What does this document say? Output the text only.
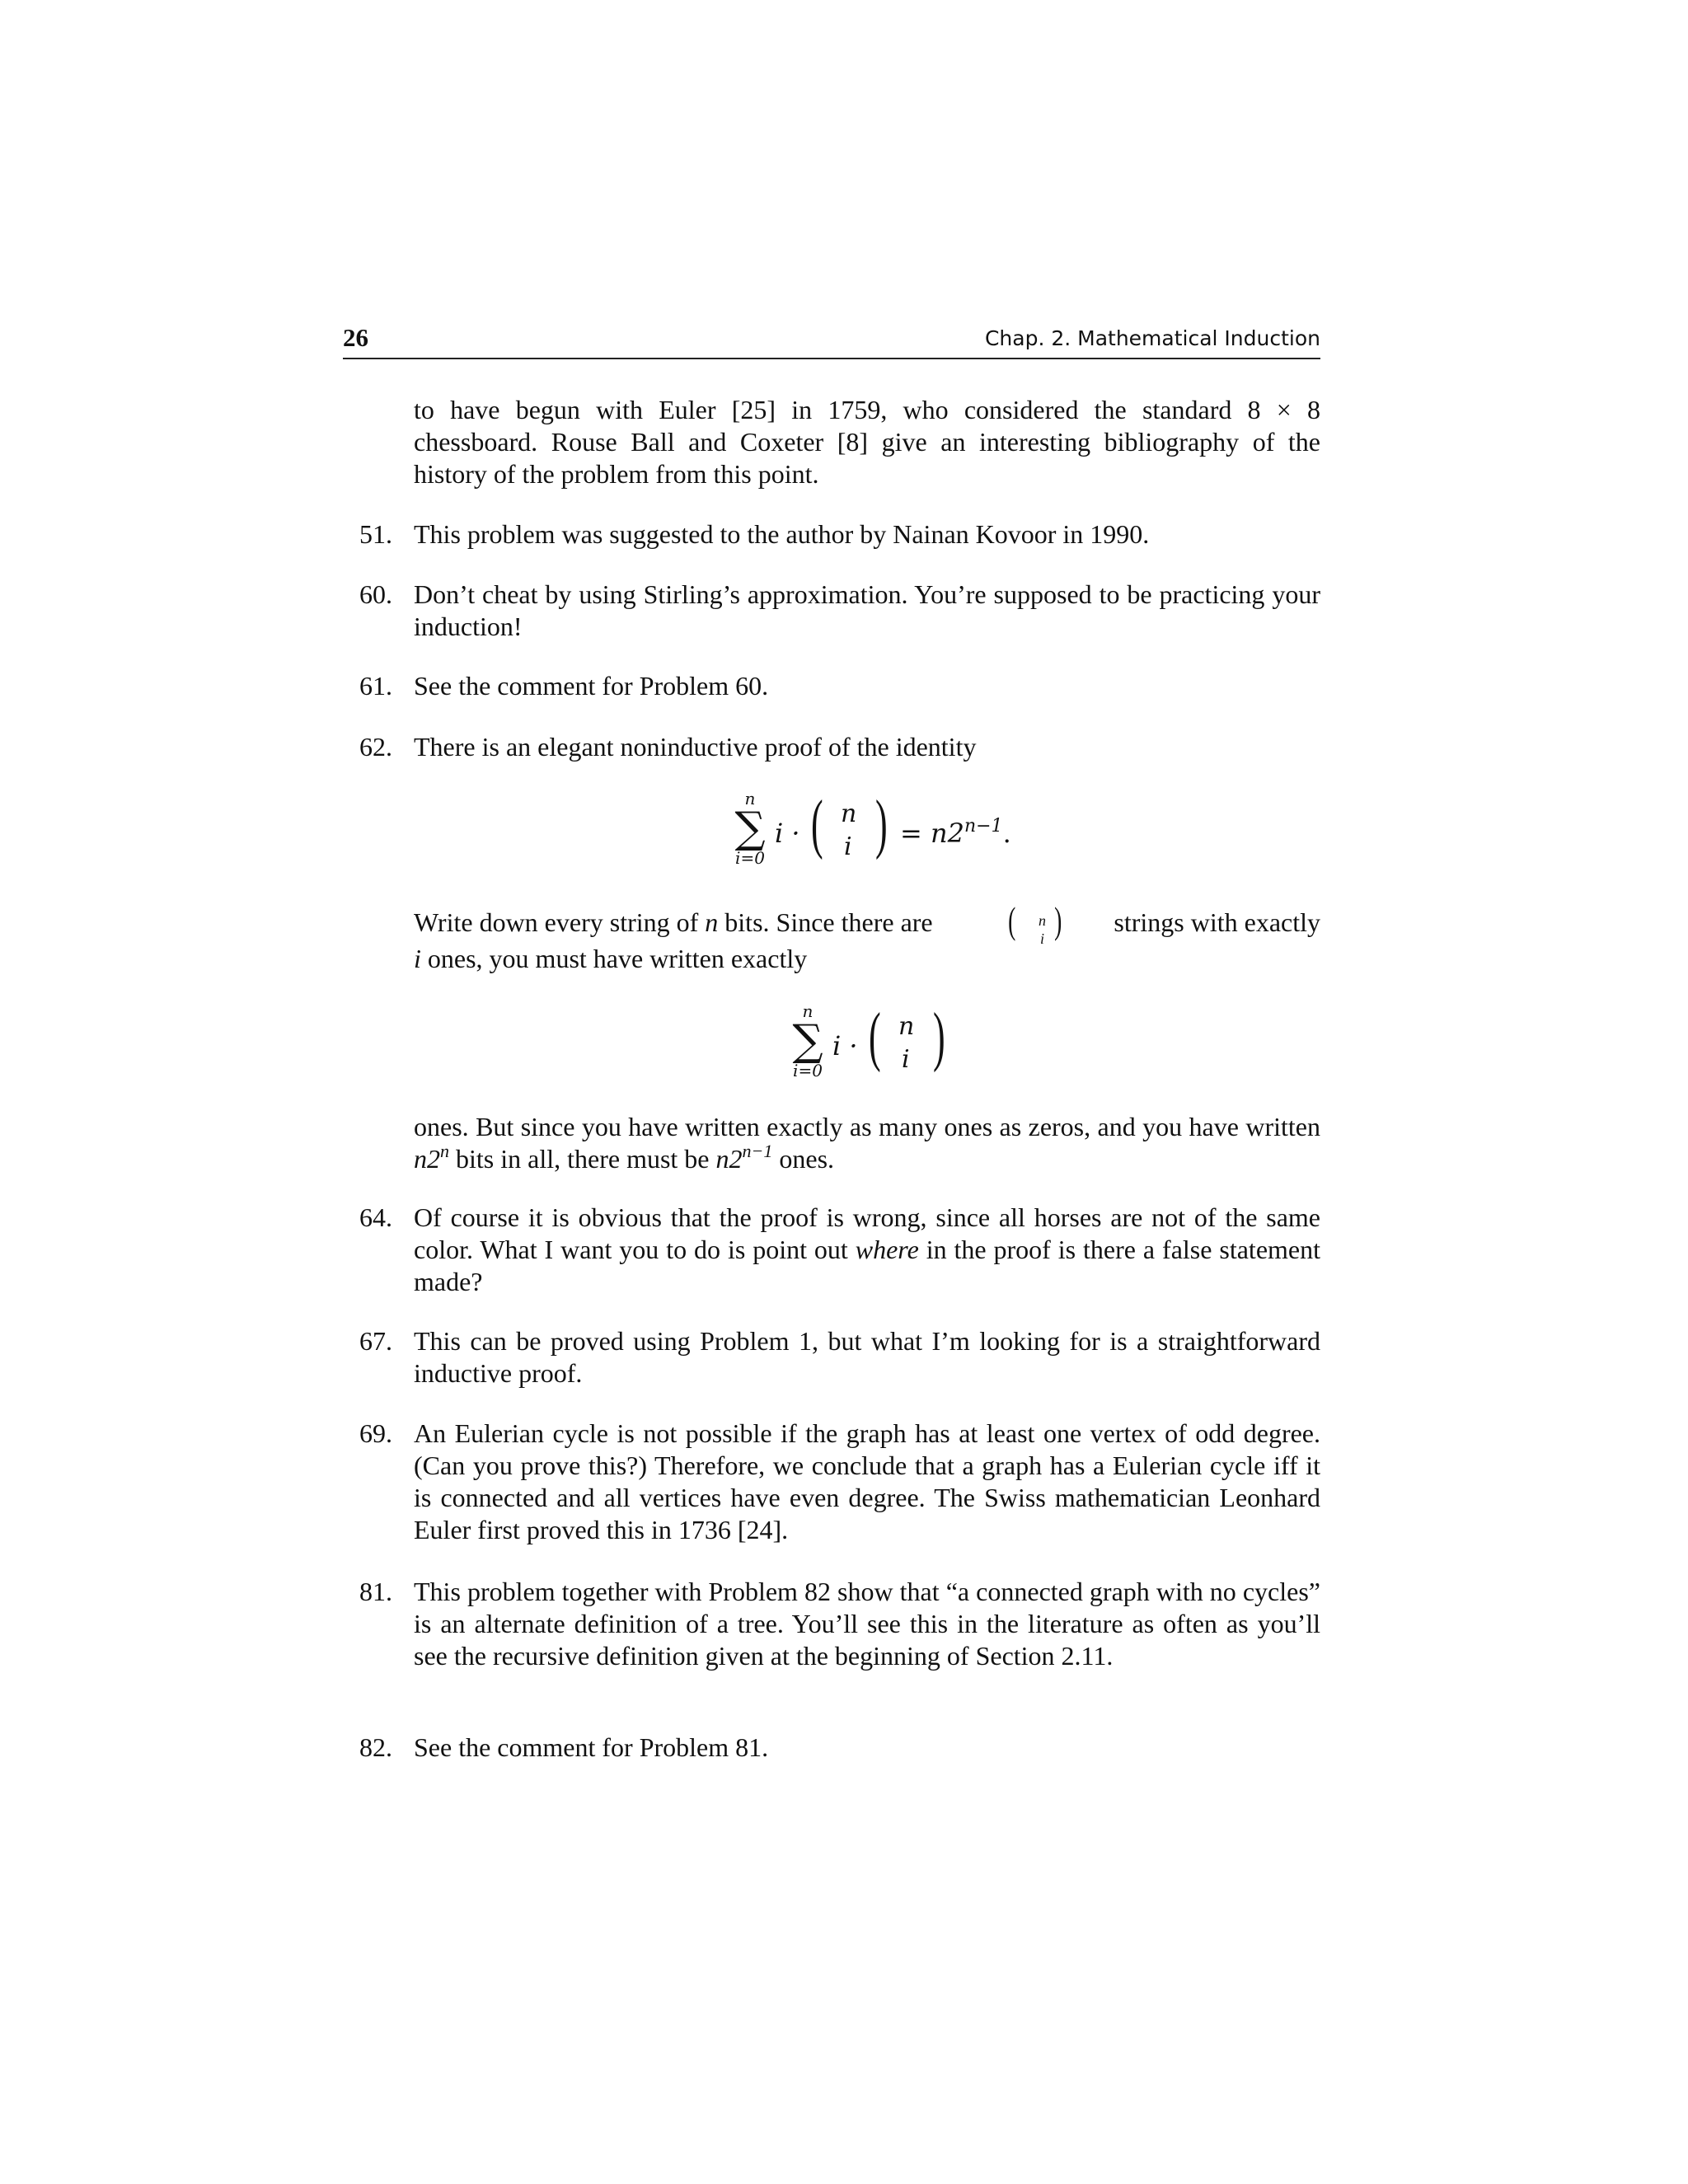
26	Chap. 2. Mathematical Induction
to have begun with Euler [25] in 1759, who considered the standard 8 × 8 chessboard. Rouse Ball and Coxeter [8] give an interesting bibliography of the history of the problem from this point.
51. This problem was suggested to the author by Nainan Kovoor in 1990.
60. Don’t cheat by using Stirling’s approximation. You’re supposed to be practicing your induction!
61. See the comment for Problem 60.
62. There is an elegant noninductive proof of the identity
n
∑
i=0
i · ( n
i ) = $n2^{n-1}$.
Write down every string of n bits. Since there are ( n
i ) strings with exactly
i ones, you must have written exactly
n
∑
i=0
i · ( n
i )
ones. But since you have written exactly as many ones as zeros, and you have written n2$^n$ bits in all, there must be $n2^{n-1}$ ones.
64. Of course it is obvious that the proof is wrong, since all horses are not of the same color. What I want you to do is point out where in the proof is there a false statement made?
67. This can be proved using Problem 1, but what I’m looking for is a straightforward inductive proof.
69. An Eulerian cycle is not possible if the graph has at least one vertex of odd degree. (Can you prove this?) Therefore, we conclude that a graph has a Eulerian cycle iff it is connected and all vertices have even degree. The Swiss mathematician Leonhard Euler first proved this in 1736 [24].
81. This problem together with Problem 82 show that “a connected graph with no cycles” is an alternate definition of a tree. You’ll see this in the literature as often as you’ll see the recursive definition given at the beginning of Section 2.11.
82. See the comment for Problem 81.
